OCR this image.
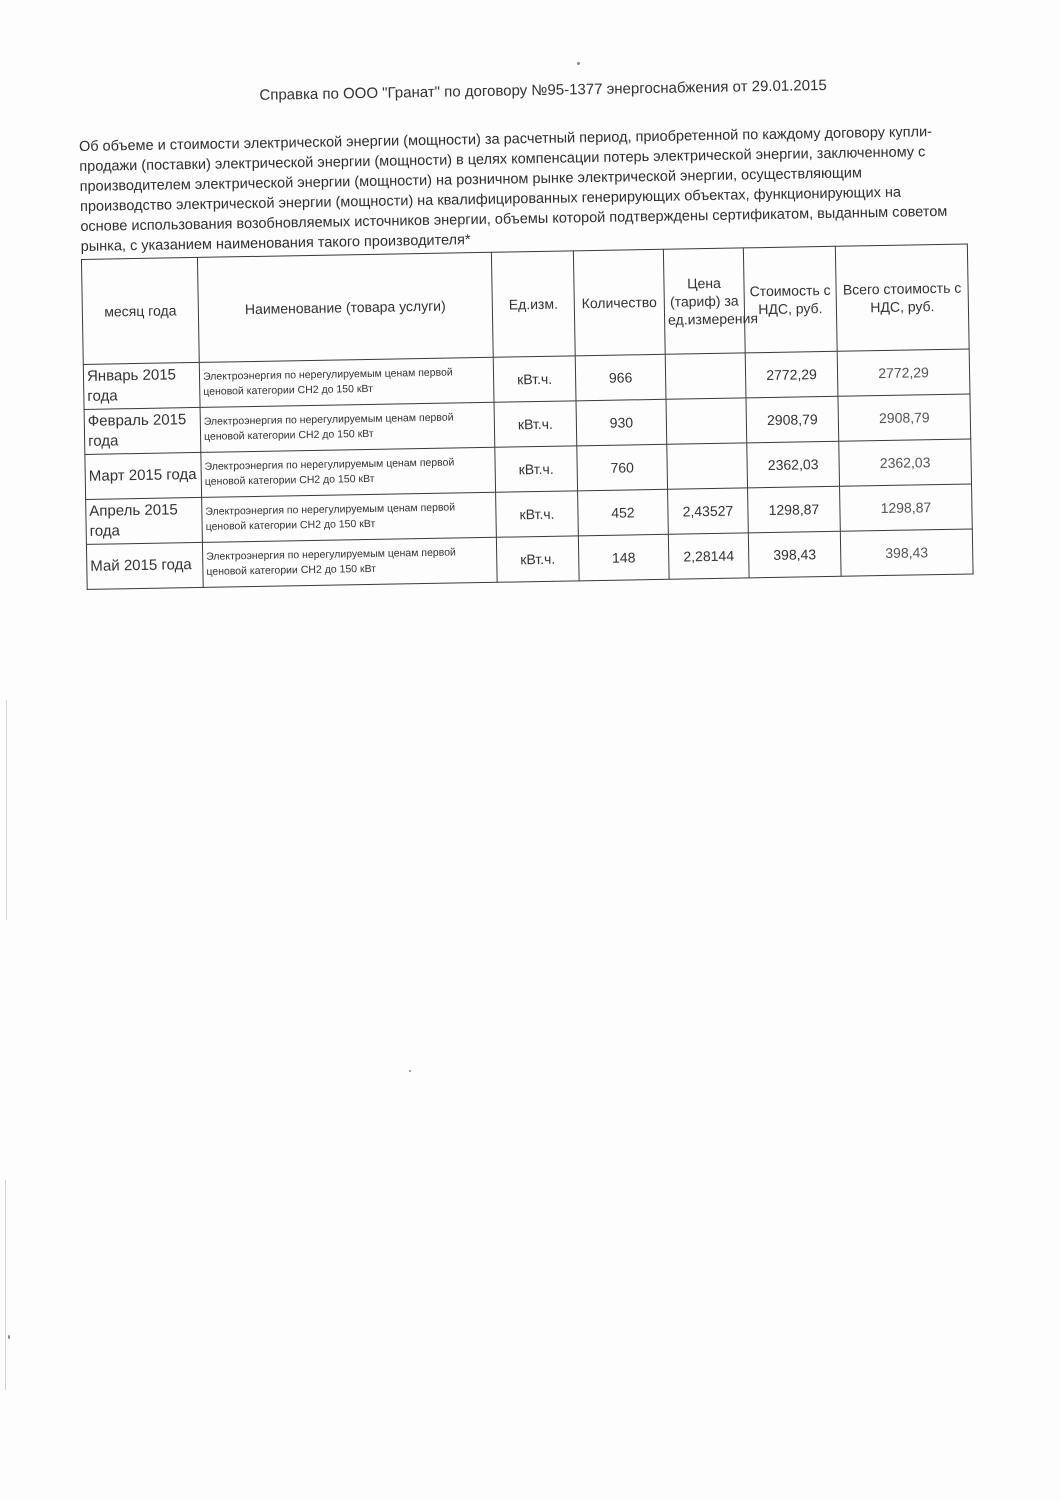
Справка по ООО "Гранат" по договору №95-1377 энергоснабжения от 29.01.2015

Об объеме и стоимости электрической энергии (мощности) за расчетный период, приобретенной по каждому договору купли-продажи (поставки) электрической энергии (мощности) в целях компенсации потерь электрической энергии, заключенному с производителем электрической энергии (мощности) на розничном рынке электрической энергии, осуществляющим производство электрической энергии (мощности) на квалифицированных генерирующих объектах, функционирующих на основе использования возобновляемых источников энергии, объемы которой подтверждены сертификатом, выданным советом рынка, с указанием наименования такого производителя*

месяц года	Наименование (товара услуги)	Ед.изм.	Количество	Цена (тариф) за ед.измерения	Стоимость с НДС, руб.	Всего стоимость с НДС, руб.
Январь 2015 года	Электроэнергия по нерегулируемым ценам первой ценовой категории СН2 до 150 кВт	кВт.ч.	966		2772,29	2772,29
Февраль 2015 года	Электроэнергия по нерегулируемым ценам первой ценовой категории СН2 до 150 кВт	кВт.ч.	930		2908,79	2908,79
Март 2015 года	Электроэнергия по нерегулируемым ценам первой ценовой категории СН2 до 150 кВт	кВт.ч.	760		2362,03	2362,03
Апрель 2015 года	Электроэнергия по нерегулируемым ценам первой ценовой категории СН2 до 150 кВт	кВт.ч.	452	2,43527	1298,87	1298,87
Май 2015 года	Электроэнергия по нерегулируемым ценам первой ценовой категории СН2 до 150 кВт	кВт.ч.	148	2,28144	398,43	398,43
